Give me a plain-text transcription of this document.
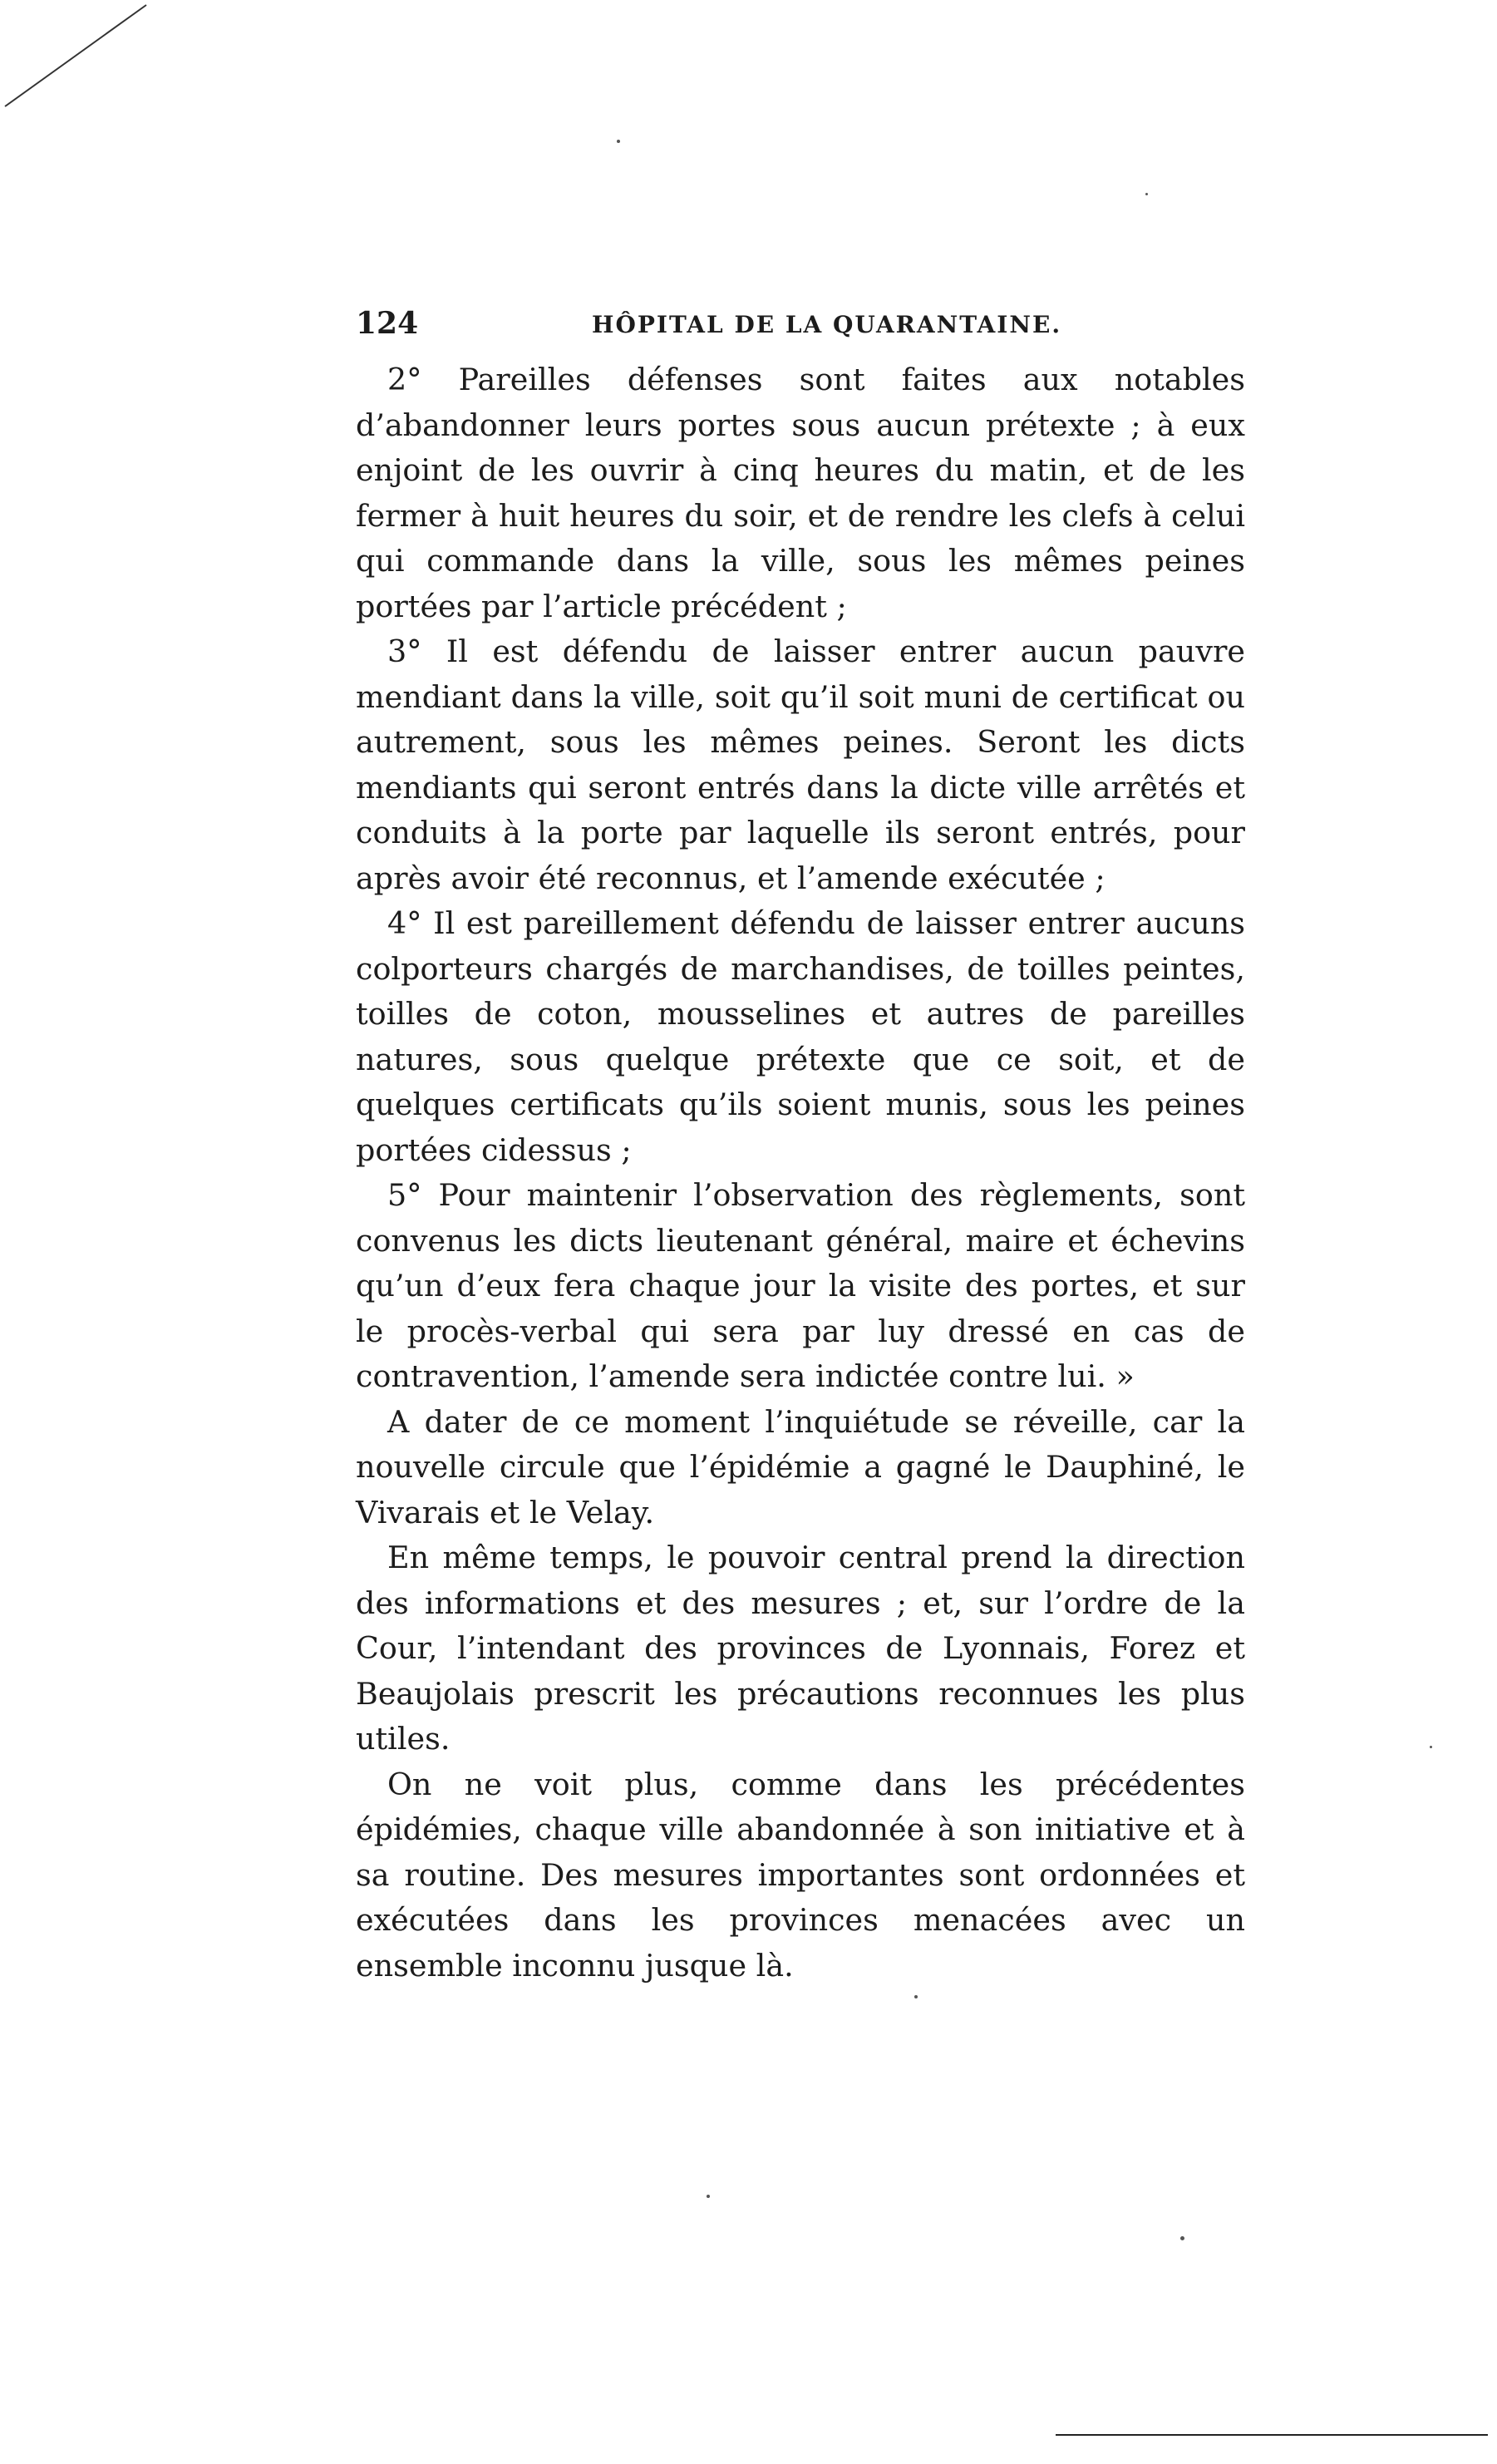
124	HÔPITAL DE LA QUARANTAINE.

2° Pareilles défenses sont faites aux notables d’abandonner leurs portes sous aucun prétexte ; à eux enjoint de les ouvrir à cinq heures du matin, et de les fermer à huit heures du soir, et de rendre les clefs à celui qui commande dans la ville, sous les mêmes peines portées par l’article précédent ;

3° Il est défendu de laisser entrer aucun pauvre mendiant dans la ville, soit qu’il soit muni de certificat ou autrement, sous les mêmes peines. Seront les dicts mendiants qui seront entrés dans la dicte ville arrêtés et conduits à la porte par laquelle ils seront entrés, pour après avoir été reconnus, et l’amende exécutée ;

4° Il est pareillement défendu de laisser entrer aucuns colporteurs chargés de marchandises, de toilles peintes, toilles de coton, mousselines et autres de pareilles natures, sous quelque prétexte que ce soit, et de quelques certificats qu’ils soient munis, sous les peines portées cidessus ;

5° Pour maintenir l’observation des règlements, sont convenus les dicts lieutenant général, maire et échevins qu’un d’eux fera chaque jour la visite des portes, et sur le procès-verbal qui sera par luy dressé en cas de contravention, l’amende sera indictée contre lui. »

A dater de ce moment l’inquiétude se réveille, car la nouvelle circule que l’épidémie a gagné le Dauphiné, le Vivarais et le Velay.

En même temps, le pouvoir central prend la direction des informations et des mesures ; et, sur l’ordre de la Cour, l’intendant des provinces de Lyonnais, Forez et Beaujolais prescrit les précautions reconnues les plus utiles.

On ne voit plus, comme dans les précédentes épidémies, chaque ville abandonnée à son initiative et à sa routine. Des mesures importantes sont ordonnées et exécutées dans les provinces menacées avec un ensemble inconnu jusque là.
